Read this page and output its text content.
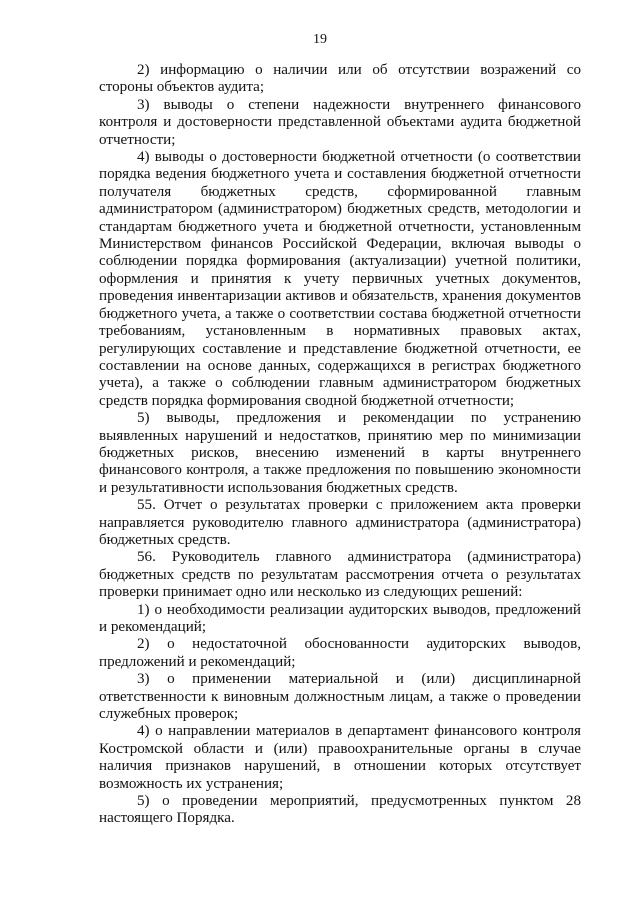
19

2) информацию о наличии или об отсутствии возражений со стороны объектов аудита;

3) выводы о степени надежности внутреннего финансового контроля и достоверности представленной объектами аудита бюджетной отчетности;

4) выводы о достоверности бюджетной отчетности (о соответствии порядка ведения бюджетного учета и составления бюджетной отчетности получателя бюджетных средств, сформированной главным администратором (администратором) бюджетных средств, методологии и стандартам бюджетного учета и бюджетной отчетности, установленным Министерством финансов Российской Федерации, включая выводы о соблюдении порядка формирования (актуализации) учетной политики, оформления и принятия к учету первичных учетных документов, проведения инвентаризации активов и обязательств, хранения документов бюджетного учета, а также о соответствии состава бюджетной отчетности требованиям, установленным в нормативных правовых актах, регулирующих составление и представление бюджетной отчетности, ее составлении на основе данных, содержащихся в регистрах бюджетного учета), а также о соблюдении главным администратором бюджетных средств порядка формирования сводной бюджетной отчетности;

5) выводы, предложения и рекомендации по устранению выявленных нарушений и недостатков, принятию мер по минимизации бюджетных рисков, внесению изменений в карты внутреннего финансового контроля, а также предложения по повышению экономности и результативности использования бюджетных средств.

55. Отчет о результатах проверки с приложением акта проверки направляется руководителю главного администратора (администратора) бюджетных средств.

56. Руководитель главного администратора (администратора) бюджетных средств по результатам рассмотрения отчета о результатах проверки принимает одно или несколько из следующих решений:

1) о необходимости реализации аудиторских выводов, предложений и рекомендаций;

2) о недостаточной обоснованности аудиторских выводов, предложений и рекомендаций;

3) о применении материальной и (или) дисциплинарной ответственности к виновным должностным лицам, а также о проведении служебных проверок;

4) о направлении материалов в департамент финансового контроля Костромской области и (или) правоохранительные органы в случае наличия признаков нарушений, в отношении которых отсутствует возможность их устранения;

5) о проведении мероприятий, предусмотренных пунктом 28 настоящего Порядка.
